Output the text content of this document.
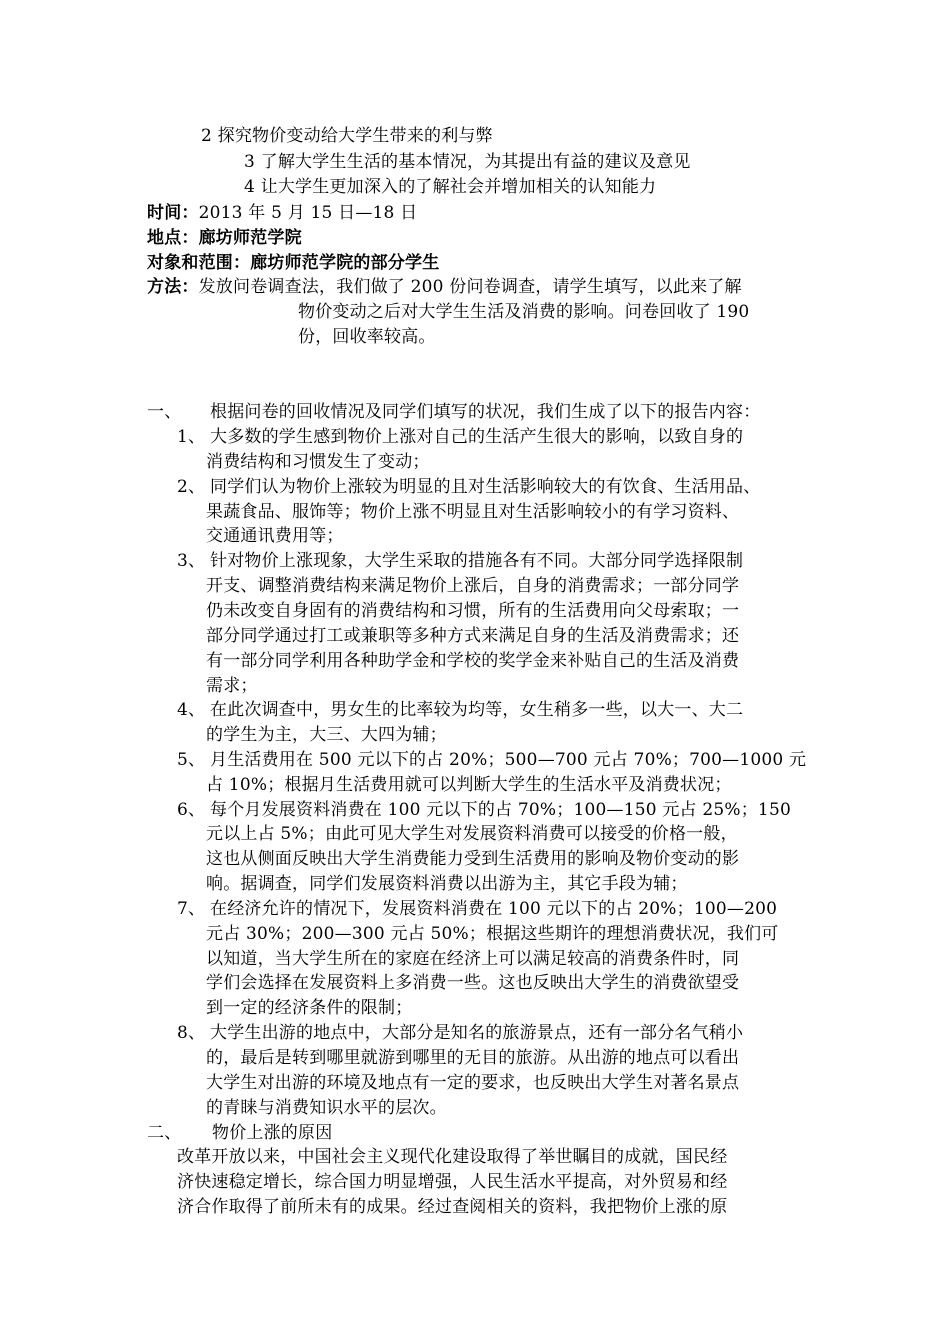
2 探究物价变动给大学生带来的利与弊
3 了解大学生生活的基本情况，为其提出有益的建议及意见
4 让大学生更加深入的了解社会并增加相关的认知能力
时间：2013 年 5 月 15 日—18 日
地点：廊坊师范学院
对象和范围：廊坊师范学院的部分学生
方法：发放问卷调查法，我们做了 200 份问卷调查，请学生填写，以此来了解
物价变动之后对大学生生活及消费的影响。问卷回收了 190
份，回收率较高。
一、 根据问卷的回收情况及同学们填写的状况，我们生成了以下的报告内容：
1、 大多数的学生感到物价上涨对自己的生活产生很大的影响，以致自身的
消费结构和习惯发生了变动；
2、 同学们认为物价上涨较为明显的且对生活影响较大的有饮食、生活用品、
果蔬食品、服饰等；物价上涨不明显且对生活影响较小的有学习资料、
交通通讯费用等；
3、 针对物价上涨现象，大学生采取的措施各有不同。大部分同学选择限制
开支、调整消费结构来满足物价上涨后，自身的消费需求；一部分同学
仍未改变自身固有的消费结构和习惯，所有的生活费用向父母索取；一
部分同学通过打工或兼职等多种方式来满足自身的生活及消费需求；还
有一部分同学利用各种助学金和学校的奖学金来补贴自己的生活及消费
需求；
4、 在此次调查中，男女生的比率较为均等，女生稍多一些，以大一、大二
的学生为主，大三、大四为辅；
5、 月生活费用在 500 元以下的占 20%；500—700 元占 70%；700—1000 元
占 10%；根据月生活费用就可以判断大学生的生活水平及消费状况；
6、 每个月发展资料消费在 100 元以下的占 70%；100—150 元占 25%；150
元以上占 5%；由此可见大学生对发展资料消费可以接受的价格一般，
这也从侧面反映出大学生消费能力受到生活费用的影响及物价变动的影
响。据调查，同学们发展资料消费以出游为主，其它手段为辅；
7、 在经济允许的情况下，发展资料消费在 100 元以下的占 20%；100—200
元占 30%；200—300 元占 50%；根据这些期许的理想消费状况，我们可
以知道，当大学生所在的家庭在经济上可以满足较高的消费条件时，同
学们会选择在发展资料上多消费一些。这也反映出大学生的消费欲望受
到一定的经济条件的限制；
8、 大学生出游的地点中，大部分是知名的旅游景点，还有一部分名气稍小
的，最后是转到哪里就游到哪里的无目的旅游。从出游的地点可以看出
大学生对出游的环境及地点有一定的要求，也反映出大学生对著名景点
的青睐与消费知识水平的层次。
二、 物价上涨的原因
改革开放以来，中国社会主义现代化建设取得了举世瞩目的成就，国民经
济快速稳定增长，综合国力明显增强，人民生活水平提高，对外贸易和经
济合作取得了前所未有的成果。经过查阅相关的资料，我把物价上涨的原
